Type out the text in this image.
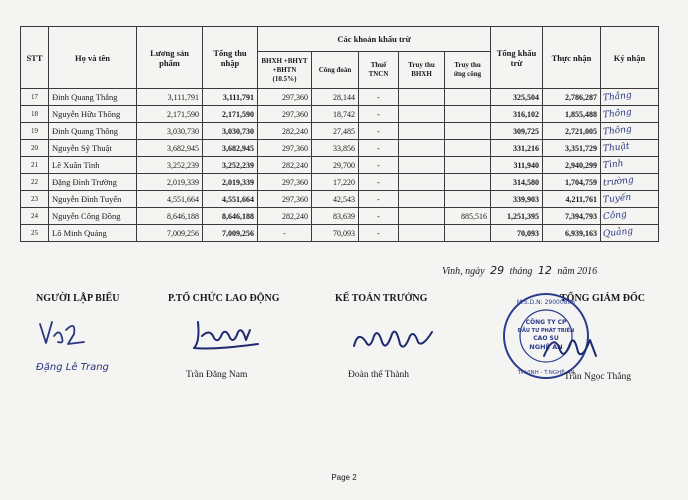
STT	Họ và tên	Lương sản phẩm	Tổng thu nhập	Các khoản khấu trừ					Tổng khấu trừ	Thực nhận	Ký nhận
				BHXH +BHYT +BHTN (10.5%)	Công đoàn	Thuế TNCN	Truy thu BHXH	Truy thu ứng công			
17	Đinh Quang Thắng	3,111,791	3,111,791	297,360	28,144	-			325,504	2,786,287	Thắng
18	Nguyễn Hữu Thông	2,171,590	2,171,590	297,360	18,742	-			316,102	1,855,488	Thông
19	Đinh Quang Thông	3,030,730	3,030,730	282,240	27,485	-			309,725	2,721,005	Thông
20	Nguyễn Sỹ Thuật	3,682,945	3,682,945	297,360	33,856	-			331,216	3,351,729	Thuật
21	Lê Xuân Tình	3,252,239	3,252,239	282,240	29,700	-			311,940	2,940,299	Tình
22	Đặng Đình Trường	2,019,339	2,019,339	297,360	17,220	-			314,580	1,704,759	trường
23	Nguyễn Đình Tuyến	4,551,664	4,551,664	297,360	42,543	-			339,903	4,211,761	Tuyến
24	Nguyễn Công Đồng	8,646,188	8,646,188	282,240	83,639	-		885,516	1,251,395	7,394,793	Công
25	Lô Minh Quảng	7,009,256	7,009,256	-	70,093	-			70,093	6,939,163	Quảng
Vinh, ngày 29 tháng 12 năm 2016
NGƯỜI LẬP BIỂU	P.TỔ CHỨC LAO ĐỘNG	KẾ TOÁN TRƯỞNG	TỔNG GIÁM ĐỐC
Đặng Lê Trang
Trần Đăng Nam	Đoàn thế Thành
M.S.D.N: 29000806
CÔNG TY CP
ĐẦU TƯ PHÁT TRIỂN
CAO SU
NGHỆ AN
TP.VINH - T.NGHỆ AN
Trần Ngọc Thắng
Page 2
